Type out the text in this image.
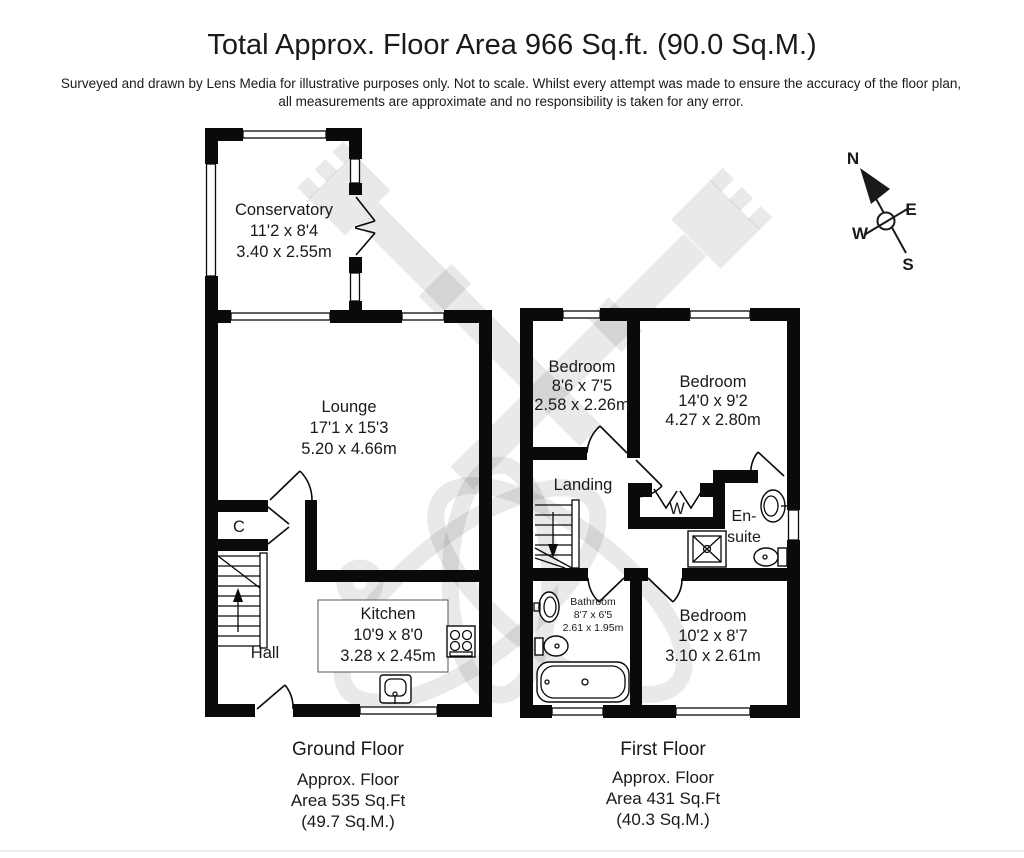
Total Approx. Floor Area 966 Sq.ft. (90.0 Sq.M.)
Surveyed and drawn by Lens Media for illustrative purposes only. Not to scale. Whilst every attempt was made to ensure the accuracy of the floor plan,
all measurements are approximate and no responsibility is taken for any error.
Conservatory
11'2 x 8'4
3.40 x 2.55m
Lounge
17'1 x 15'3
5.20 x 4.66m
Kitchen
10'9 x 8'0
3.28 x 2.45m
Hall
C
Bedroom
8'6 x 7'5
2.58 x 2.26m
Bedroom
14'0 x 9'2
4.27 x 2.80m
Landing
W	En-
suite
Bathroom
8'7 x 6'5
2.61 x 1.95m
Bedroom
10'2 x 8'7
3.10 x 2.61m
N
E
W
S
Ground Floor
Approx. Floor
Area 535 Sq.Ft
(49.7 Sq.M.)
First Floor
Approx. Floor
Area 431 Sq.Ft
(40.3 Sq.M.)
